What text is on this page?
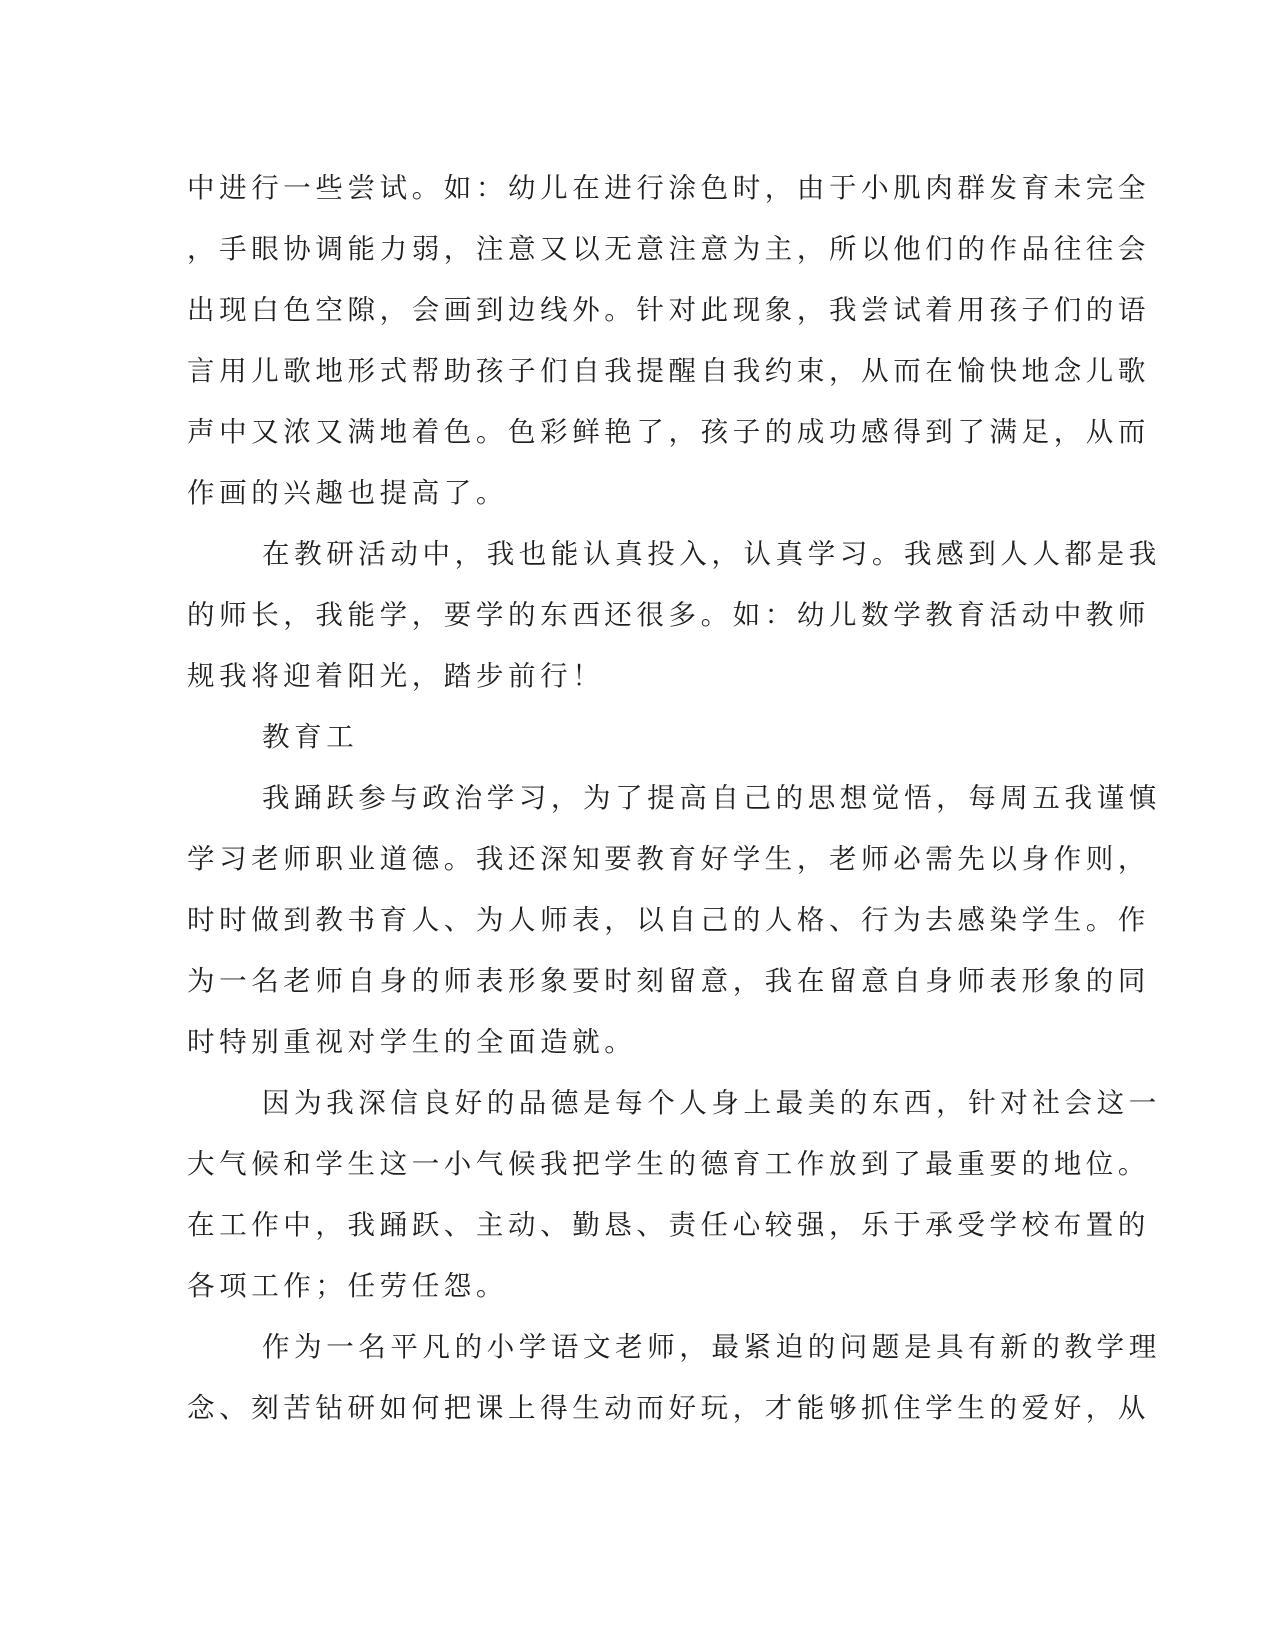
中进行一些尝试。如：幼儿在进行涂色时，由于小肌肉群发育未完全
，手眼协调能力弱，注意又以无意注意为主，所以他们的作品往往会
出现白色空隙，会画到边线外。针对此现象，我尝试着用孩子们的语
言用儿歌地形式帮助孩子们自我提醒自我约束，从而在愉快地念儿歌
声中又浓又满地着色。色彩鲜艳了，孩子的成功感得到了满足，从而
作画的兴趣也提高了。
在教研活动中，我也能认真投入，认真学习。我感到人人都是我
的师长，我能学，要学的东西还很多。如：幼儿数学教育活动中教师
规我将迎着阳光，踏步前行！
教育工
我踊跃参与政治学习，为了提高自己的思想觉悟，每周五我谨慎
学习老师职业道德。我还深知要教育好学生，老师必需先以身作则，
时时做到教书育人、为人师表，以自己的人格、行为去感染学生。作
为一名老师自身的师表形象要时刻留意，我在留意自身师表形象的同
时特别重视对学生的全面造就。
因为我深信良好的品德是每个人身上最美的东西，针对社会这一
大气候和学生这一小气候我把学生的德育工作放到了最重要的地位。
在工作中，我踊跃、主动、勤恳、责任心较强，乐于承受学校布置的
各项工作；任劳任怨。
作为一名平凡的小学语文老师，最紧迫的问题是具有新的教学理
念、刻苦钻研如何把课上得生动而好玩，才能够抓住学生的爱好，从
